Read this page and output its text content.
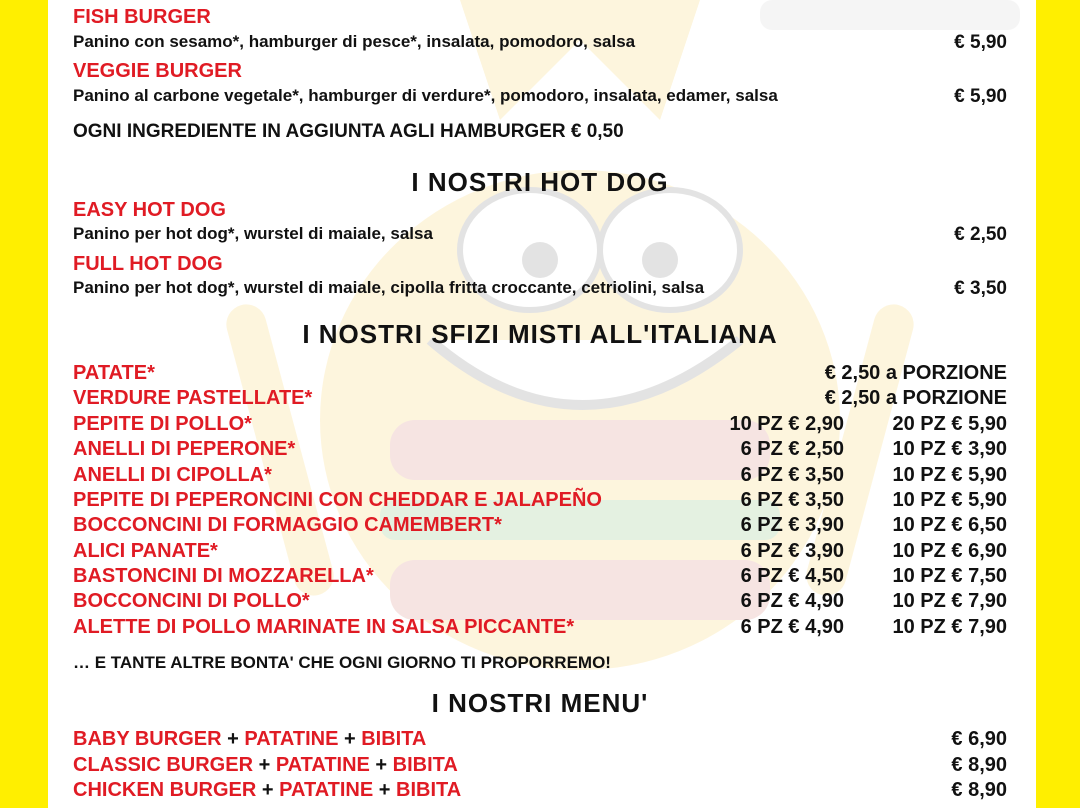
FISH BURGER
Panino con sesamo*, hamburger di pesce*, insalata, pomodoro, salsa	€ 5,90
VEGGIE BURGER
Panino al carbone vegetale*, hamburger di verdure*, pomodoro, insalata, edamer, salsa	€ 5,90
OGNI INGREDIENTE IN AGGIUNTA AGLI HAMBURGER € 0,50
I NOSTRI HOT DOG
EASY HOT DOG
Panino per hot dog*, wurstel di maiale, salsa	€ 2,50
FULL HOT DOG
Panino per hot dog*, wurstel di maiale, cipolla fritta croccante, cetriolini, salsa	€ 3,50
I NOSTRI SFIZI MISTI ALL'ITALIANA
PATATE*	€ 2,50 a PORZIONE
VERDURE PASTELLATE*	€ 2,50 a PORZIONE
PEPITE DI POLLO*	10 PZ € 2,90 20 PZ € 5,90
ANELLI DI PEPERONE*	6 PZ € 2,50 10 PZ € 3,90
ANELLI DI CIPOLLA*	6 PZ € 3,50 10 PZ € 5,90
PEPITE DI PEPERONCINI CON CHEDDAR E JALAPEÑO	6 PZ € 3,50 10 PZ € 5,90
BOCCONCINI DI FORMAGGIO CAMEMBERT*	6 PZ € 3,90 10 PZ € 6,50
ALICI PANATE*	6 PZ € 3,90 10 PZ € 6,90
BASTONCINI DI MOZZARELLA*	6 PZ € 4,50 10 PZ € 7,50
BOCCONCINI DI POLLO*	6 PZ € 4,90 10 PZ € 7,90
ALETTE DI POLLO MARINATE IN SALSA PICCANTE*	6 PZ € 4,90 10 PZ € 7,90
… E TANTE ALTRE BONTA' CHE OGNI GIORNO TI PROPORREMO!
I NOSTRI MENU'
BABY BURGER + PATATINE + BIBITA	€ 6,90
CLASSIC BURGER + PATATINE + BIBITA	€ 8,90
CHICKEN BURGER + PATATINE + BIBITA	€ 8,90
